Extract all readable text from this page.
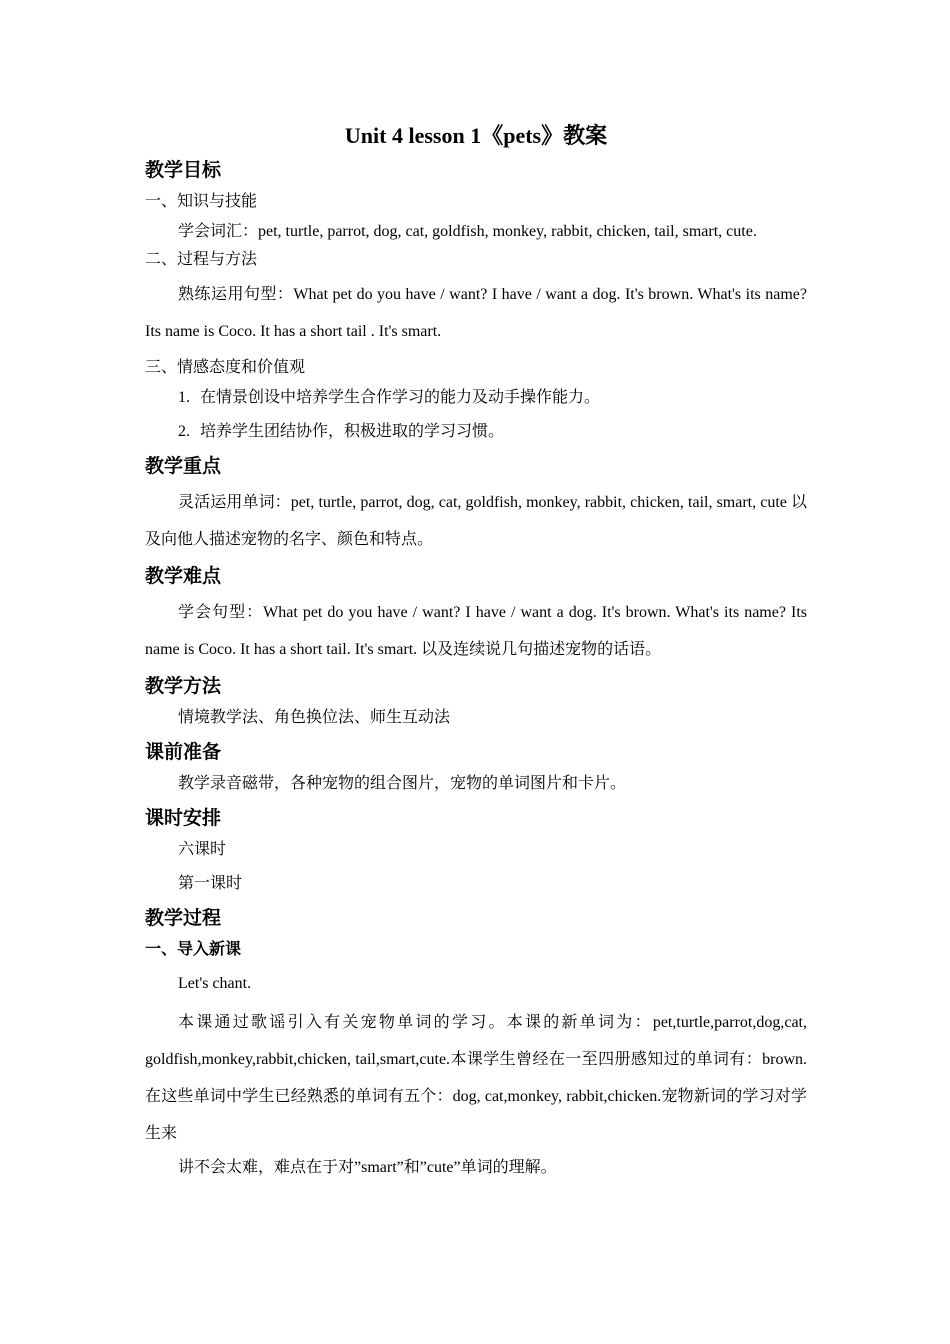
Unit 4 lesson 1《pets》教案
教学目标
一、知识与技能
学会词汇：pet, turtle, parrot, dog, cat, goldfish, monkey, rabbit, chicken, tail, smart, cute.
二、过程与方法
熟练运用句型：What pet do you have / want? I have / want a dog. It's brown. What's its name? Its name is Coco. It has a short tail . It's smart.
三、情感态度和价值观
1. 在情景创设中培养学生合作学习的能力及动手操作能力。
2. 培养学生团结协作，积极进取的学习习惯。
教学重点
灵活运用单词：pet, turtle, parrot, dog, cat, goldfish, monkey, rabbit, chicken, tail, smart, cute 以及向他人描述宠物的名字、颜色和特点。
教学难点
学会句型：What pet do you have / want? I have / want a dog. It's brown. What's its name? Its name is Coco. It has a short tail. It's smart. 以及连续说几句描述宠物的话语。
教学方法
情境教学法、角色换位法、师生互动法
课前准备
教学录音磁带，各种宠物的组合图片，宠物的单词图片和卡片。
课时安排
六课时
第一课时
教学过程
一、导入新课
Let's chant.
本课通过歌谣引入有关宠物单词的学习。本课的新单词为：pet,turtle,parrot,dog,cat, goldfish,monkey,rabbit,chicken, tail,smart,cute.本课学生曾经在一至四册感知过的单词有：brown.在这些单词中学生已经熟悉的单词有五个：dog, cat,monkey, rabbit,chicken.宠物新词的学习对学生来
讲不会太难，难点在于对”smart”和”cute”单词的理解。
